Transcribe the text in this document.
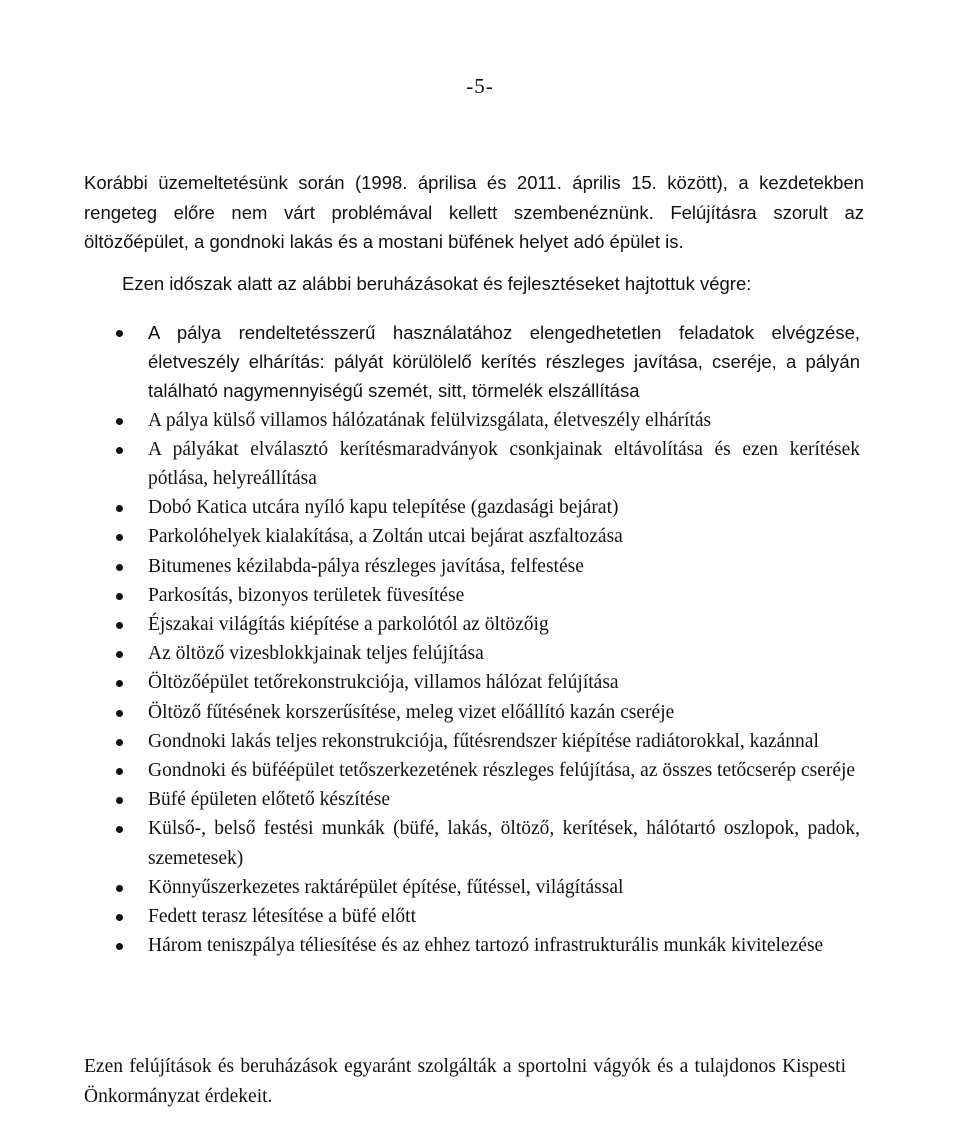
-5-

Korábbi üzemeltetésünk során (1998. áprilisa és 2011. április 15. között), a kezdetekben rengeteg előre nem várt problémával kellett szembenéznünk. Felújításra szorult az öltözőépület, a gondnoki lakás és a mostani büfének helyet adó épület is.

Ezen időszak alatt az alábbi beruházásokat és fejlesztéseket hajtottuk végre:
A pálya rendeltetésszerű használatához elengedhetetlen feladatok elvégzése, életveszély elhárítás: pályát körülölelő kerítés részleges javítása, cseréje, a pályán található nagymennyiségű szemét, sitt, törmelék elszállítása
A pálya külső villamos hálózatának felülvizsgálata, életveszély elhárítás
A pályákat elválasztó kerítésmaradványok csonkjainak eltávolítása és ezen kerítések pótlása, helyreállítása
Dobó Katica utcára nyíló kapu telepítése (gazdasági bejárat)
Parkolóhelyek kialakítása, a Zoltán utcai bejárat aszfaltozása
Bitumenes kézilabda-pálya részleges javítása, felfestése
Parkosítás, bizonyos területek füvesítése
Éjszakai világítás kiépítése a parkolótól az öltözőig
Az öltöző vizesblokkjainak teljes felújítása
Öltözőépület tetőrekonstrukciója, villamos hálózat felújítása
Öltöző fűtésének korszerűsítése, meleg vizet előállító kazán cseréje
Gondnoki lakás teljes rekonstrukciója, fűtésrendszer kiépítése radiátorokkal, kazánnal
Gondnoki és büféépület tetőszerkezetének részleges felújítása, az összes tetőcserép cseréje
Büfé épületen előtető készítése
Külső-, belső festési munkák (büfé, lakás, öltöző, kerítések, hálótartó oszlopok, padok, szemetesek)
Könnyűszerkezetes raktárépület építése, fűtéssel, világítással
Fedett terasz létesítése a büfé előtt
Három teniszpálya téliesítése és az ehhez tartozó infrastrukturális munkák kivitelezése

Ezen felújítások és beruházások egyaránt szolgálták a sportolni vágyók és a tulajdonos Kispesti Önkormányzat érdekeit.
